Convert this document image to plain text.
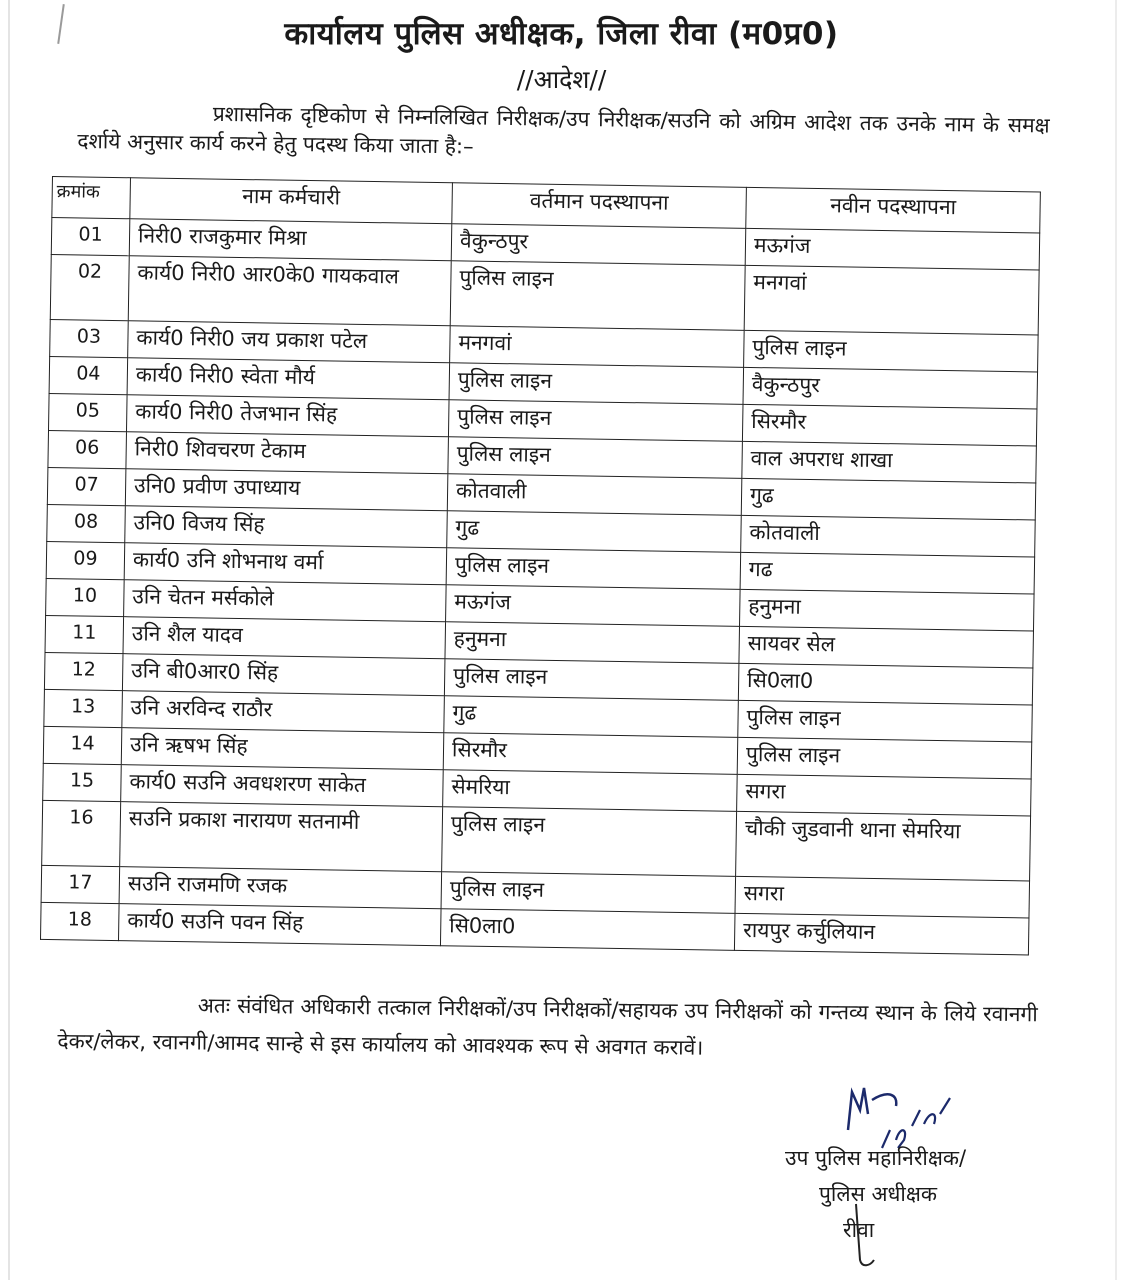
कार्यालय पुलिस अधीक्षक, जिला रीवा (म0प्र0)
//आदेश//
प्रशासनिक दृष्टिकोण से निम्नलिखित निरीक्षक/उप निरीक्षक/सउनि को अग्रिम आदेश तक उनके नाम के समक्ष दर्शाये अनुसार कार्य करने हेतु पदस्थ किया जाता है:–
क्रमांक	नाम कर्मचारी	वर्तमान पदस्थापना	नवीन पदस्थापना
01	निरी0 राजकुमार मिश्रा	वैकुन्ठपुर	मऊगंज
02	कार्य0 निरी0 आर0के0 गायकवाल	पुलिस लाइन	मनगवां
03	कार्य0 निरी0 जय प्रकाश पटेल	मनगवां	पुलिस लाइन
04	कार्य0 निरी0 स्वेता मौर्य	पुलिस लाइन	वैकुन्ठपुर
05	कार्य0 निरी0 तेजभान सिंह	पुलिस लाइन	सिरमौर
06	निरी0 शिवचरण टेकाम	पुलिस लाइन	वाल अपराध शाखा
07	उनि0 प्रवीण उपाध्याय	कोतवाली	गुढ
08	उनि0 विजय सिंह	गुढ	कोतवाली
09	कार्य0 उनि शोभनाथ वर्मा	पुलिस लाइन	गढ
10	उनि चेतन मर्सकोले	मऊगंज	हनुमना
11	उनि शैल यादव	हनुमना	सायवर सेल
12	उनि बी0आर0 सिंह	पुलिस लाइन	सि0ला0
13	उनि अरविन्द राठौर	गुढ	पुलिस लाइन
14	उनि ऋषभ सिंह	सिरमौर	पुलिस लाइन
15	कार्य0 सउनि अवधशरण साकेत	सेमरिया	सगरा
16	सउनि प्रकाश नारायण सतनामी	पुलिस लाइन	चौकी जुडवानी थाना सेमरिया
17	सउनि राजमणि रजक	पुलिस लाइन	सगरा
18	कार्य0 सउनि पवन सिंह	सि0ला0	रायपुर कर्चुलियान
अतः संवंधित अधिकारी तत्काल निरीक्षकों/उप निरीक्षकों/सहायक उप निरीक्षकों को गन्तव्य स्थान के लिये रवानगी देकर/लेकर, रवानगी/आमद सान्हे से इस कार्यालय को आवश्यक रूप से अवगत करावें।
उप पुलिस महानिरीक्षक/
पुलिस अधीक्षक
रीवा
